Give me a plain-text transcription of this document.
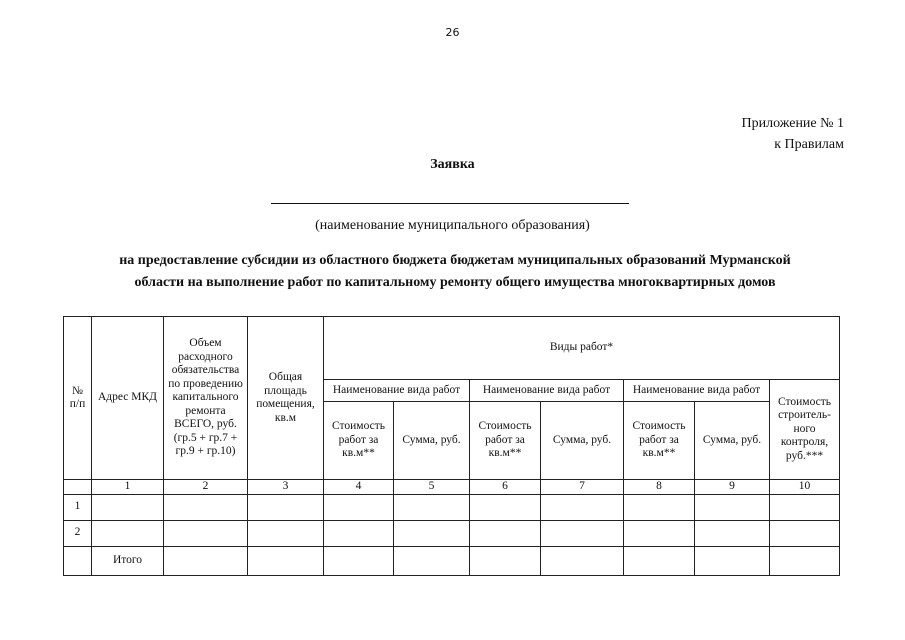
26
Приложение № 1
к Правилам
Заявка
(наименование муниципального образования)
на предоставление субсидии из областного бюджета бюджетам муниципальных образований Мурманской
области на выполнение работ по капитальному ремонту общего имущества многоквартирных домов
№ п/п	Адрес МКД	Объем расходного обязательства по проведению капитального ремонта ВСЕГО, руб. (гр.5 + гр.7 + гр.9 + гр.10)	Общая площадь помещения, кв.м	Виды работ*						
				Наименование вида работ		Наименование вида работ		Наименование вида работ		Стоимость строитель-ного контроля, руб.***
				Стоимость работ за кв.м**	Сумма, руб.	Стоимость работ за кв.м**	Сумма, руб.	Стоимость работ за кв.м**	Сумма, руб.	
	1	2	3	4	5	6	7	8	9	10
1										
2										
	Итого									
